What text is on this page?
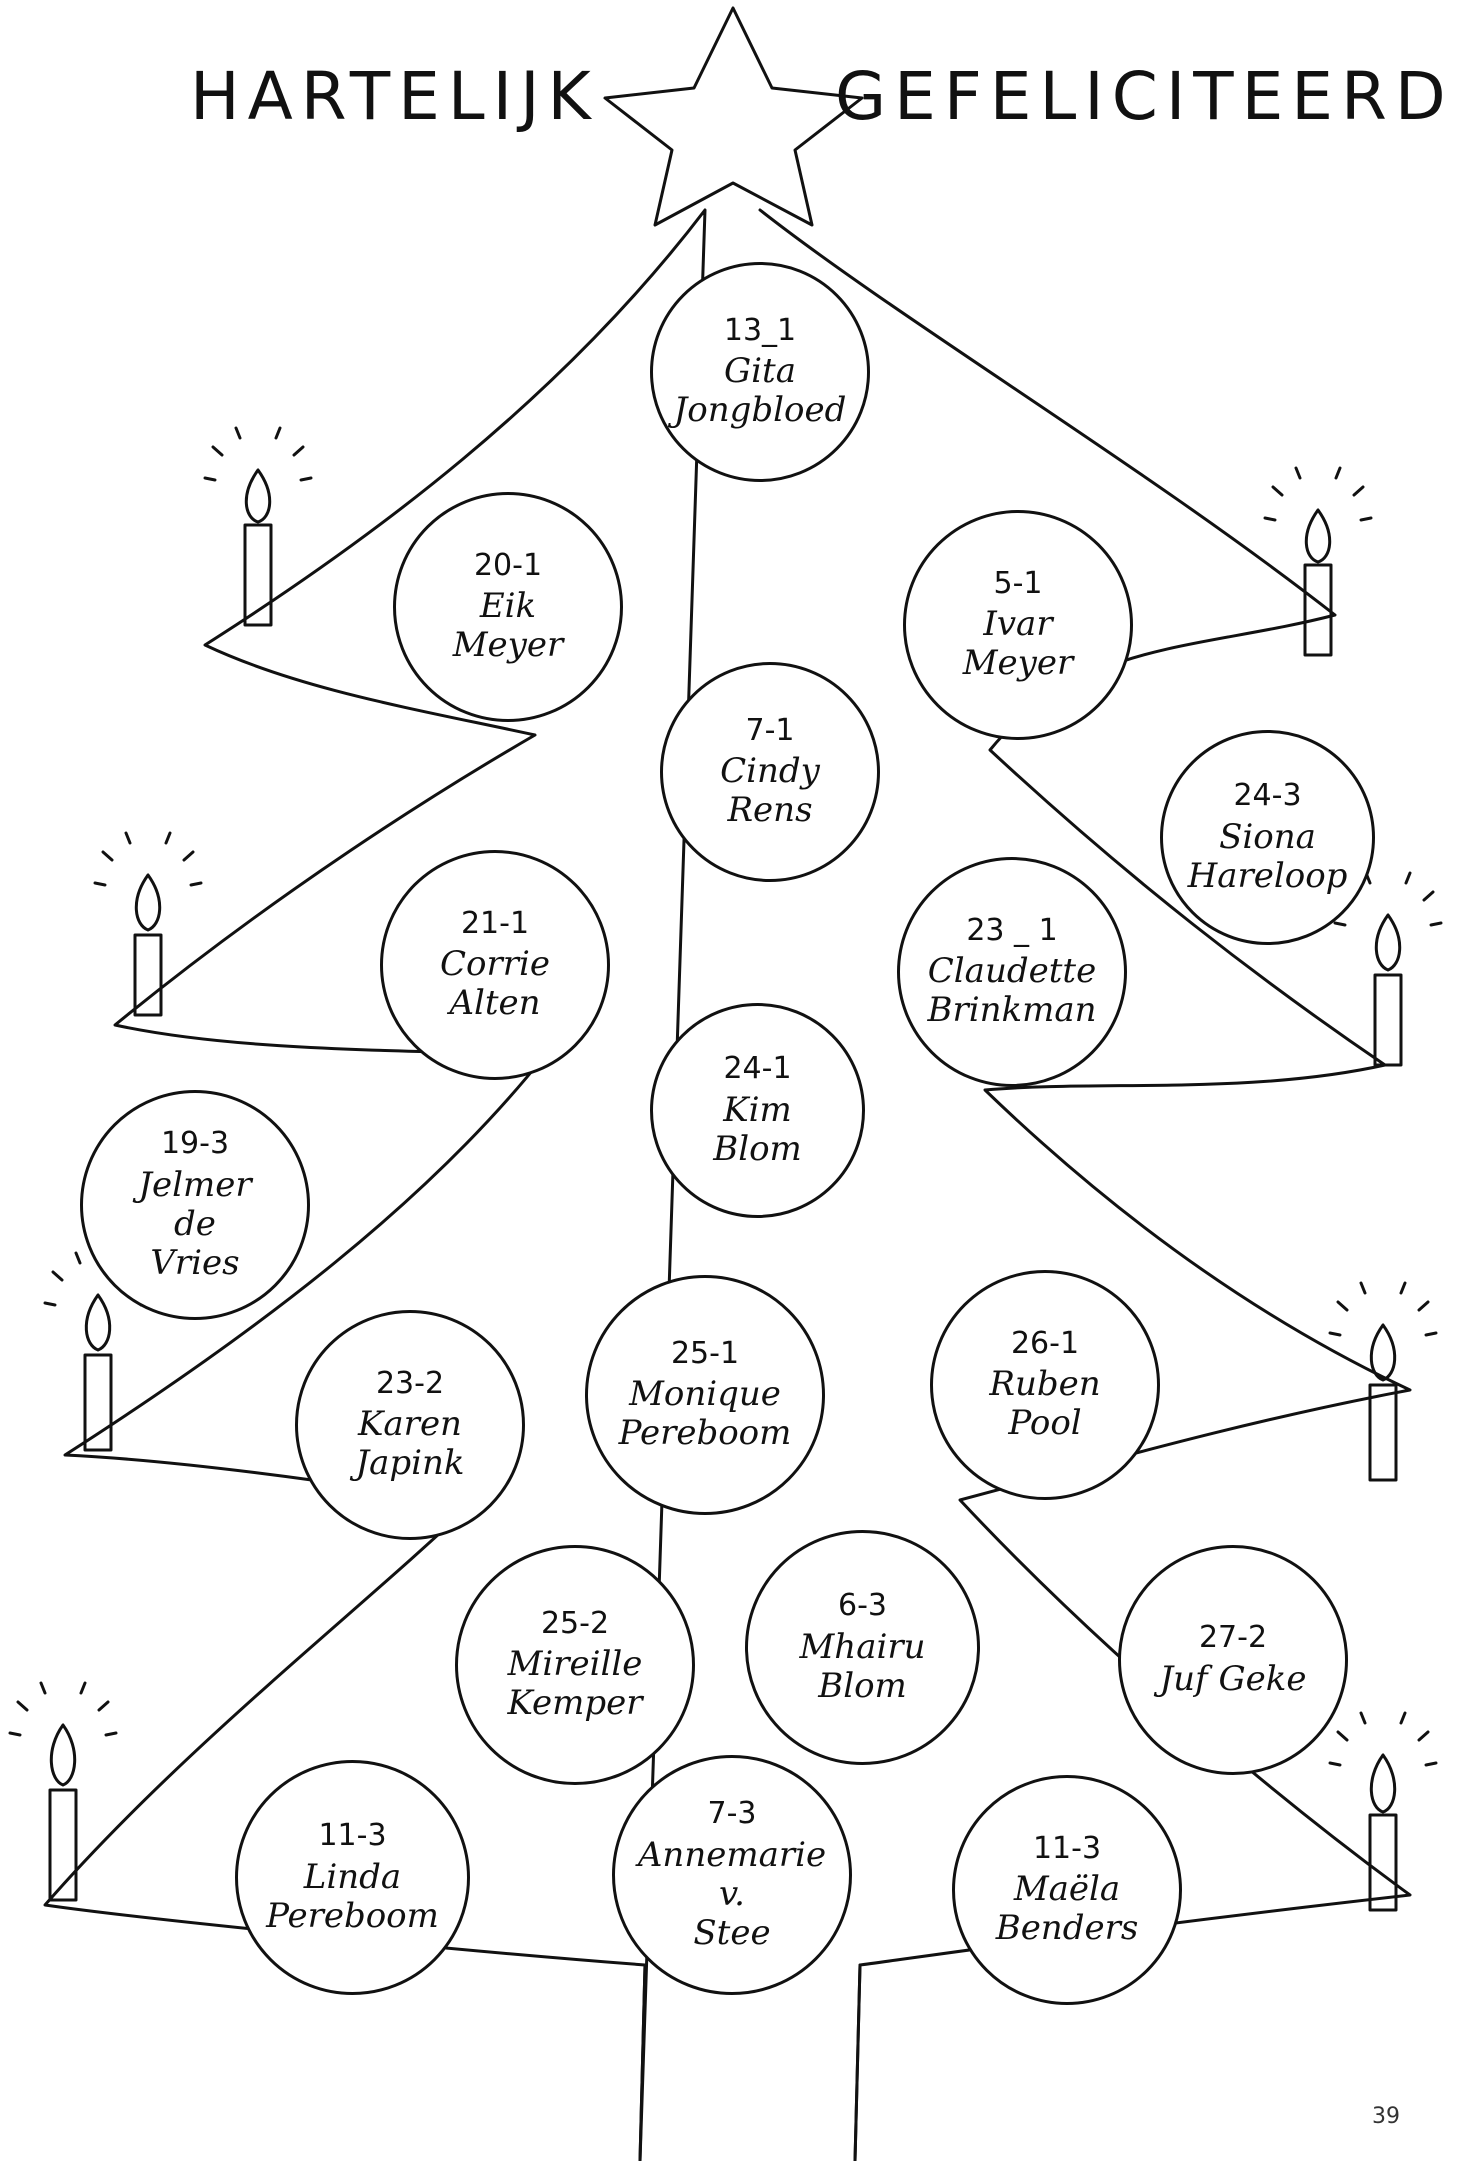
HARTELIJK	GEFELICITEERD
13_1
Gita
Jongbloed
20-1
Eik
Meyer
5-1
Ivar
Meyer
7-1
Cindy
Rens	24-3
Siona
Hareloop
21-1
Corrie
Alten
23 _ 1
Claudette
Brinkman
24-1
Kim
Blom
19-3
Jelmer
de
Vries
23-2
Karen
Japink
25-1
Monique
Pereboom
26-1
Ruben
Pool
25-2
Mireille
Kemper
6-3
Mhairu
Blom
27-2
Juf Geke
11-3
Linda
Pereboom
7-3
Annemarie
v.
Stee
11-3
Maëla
Benders
39
